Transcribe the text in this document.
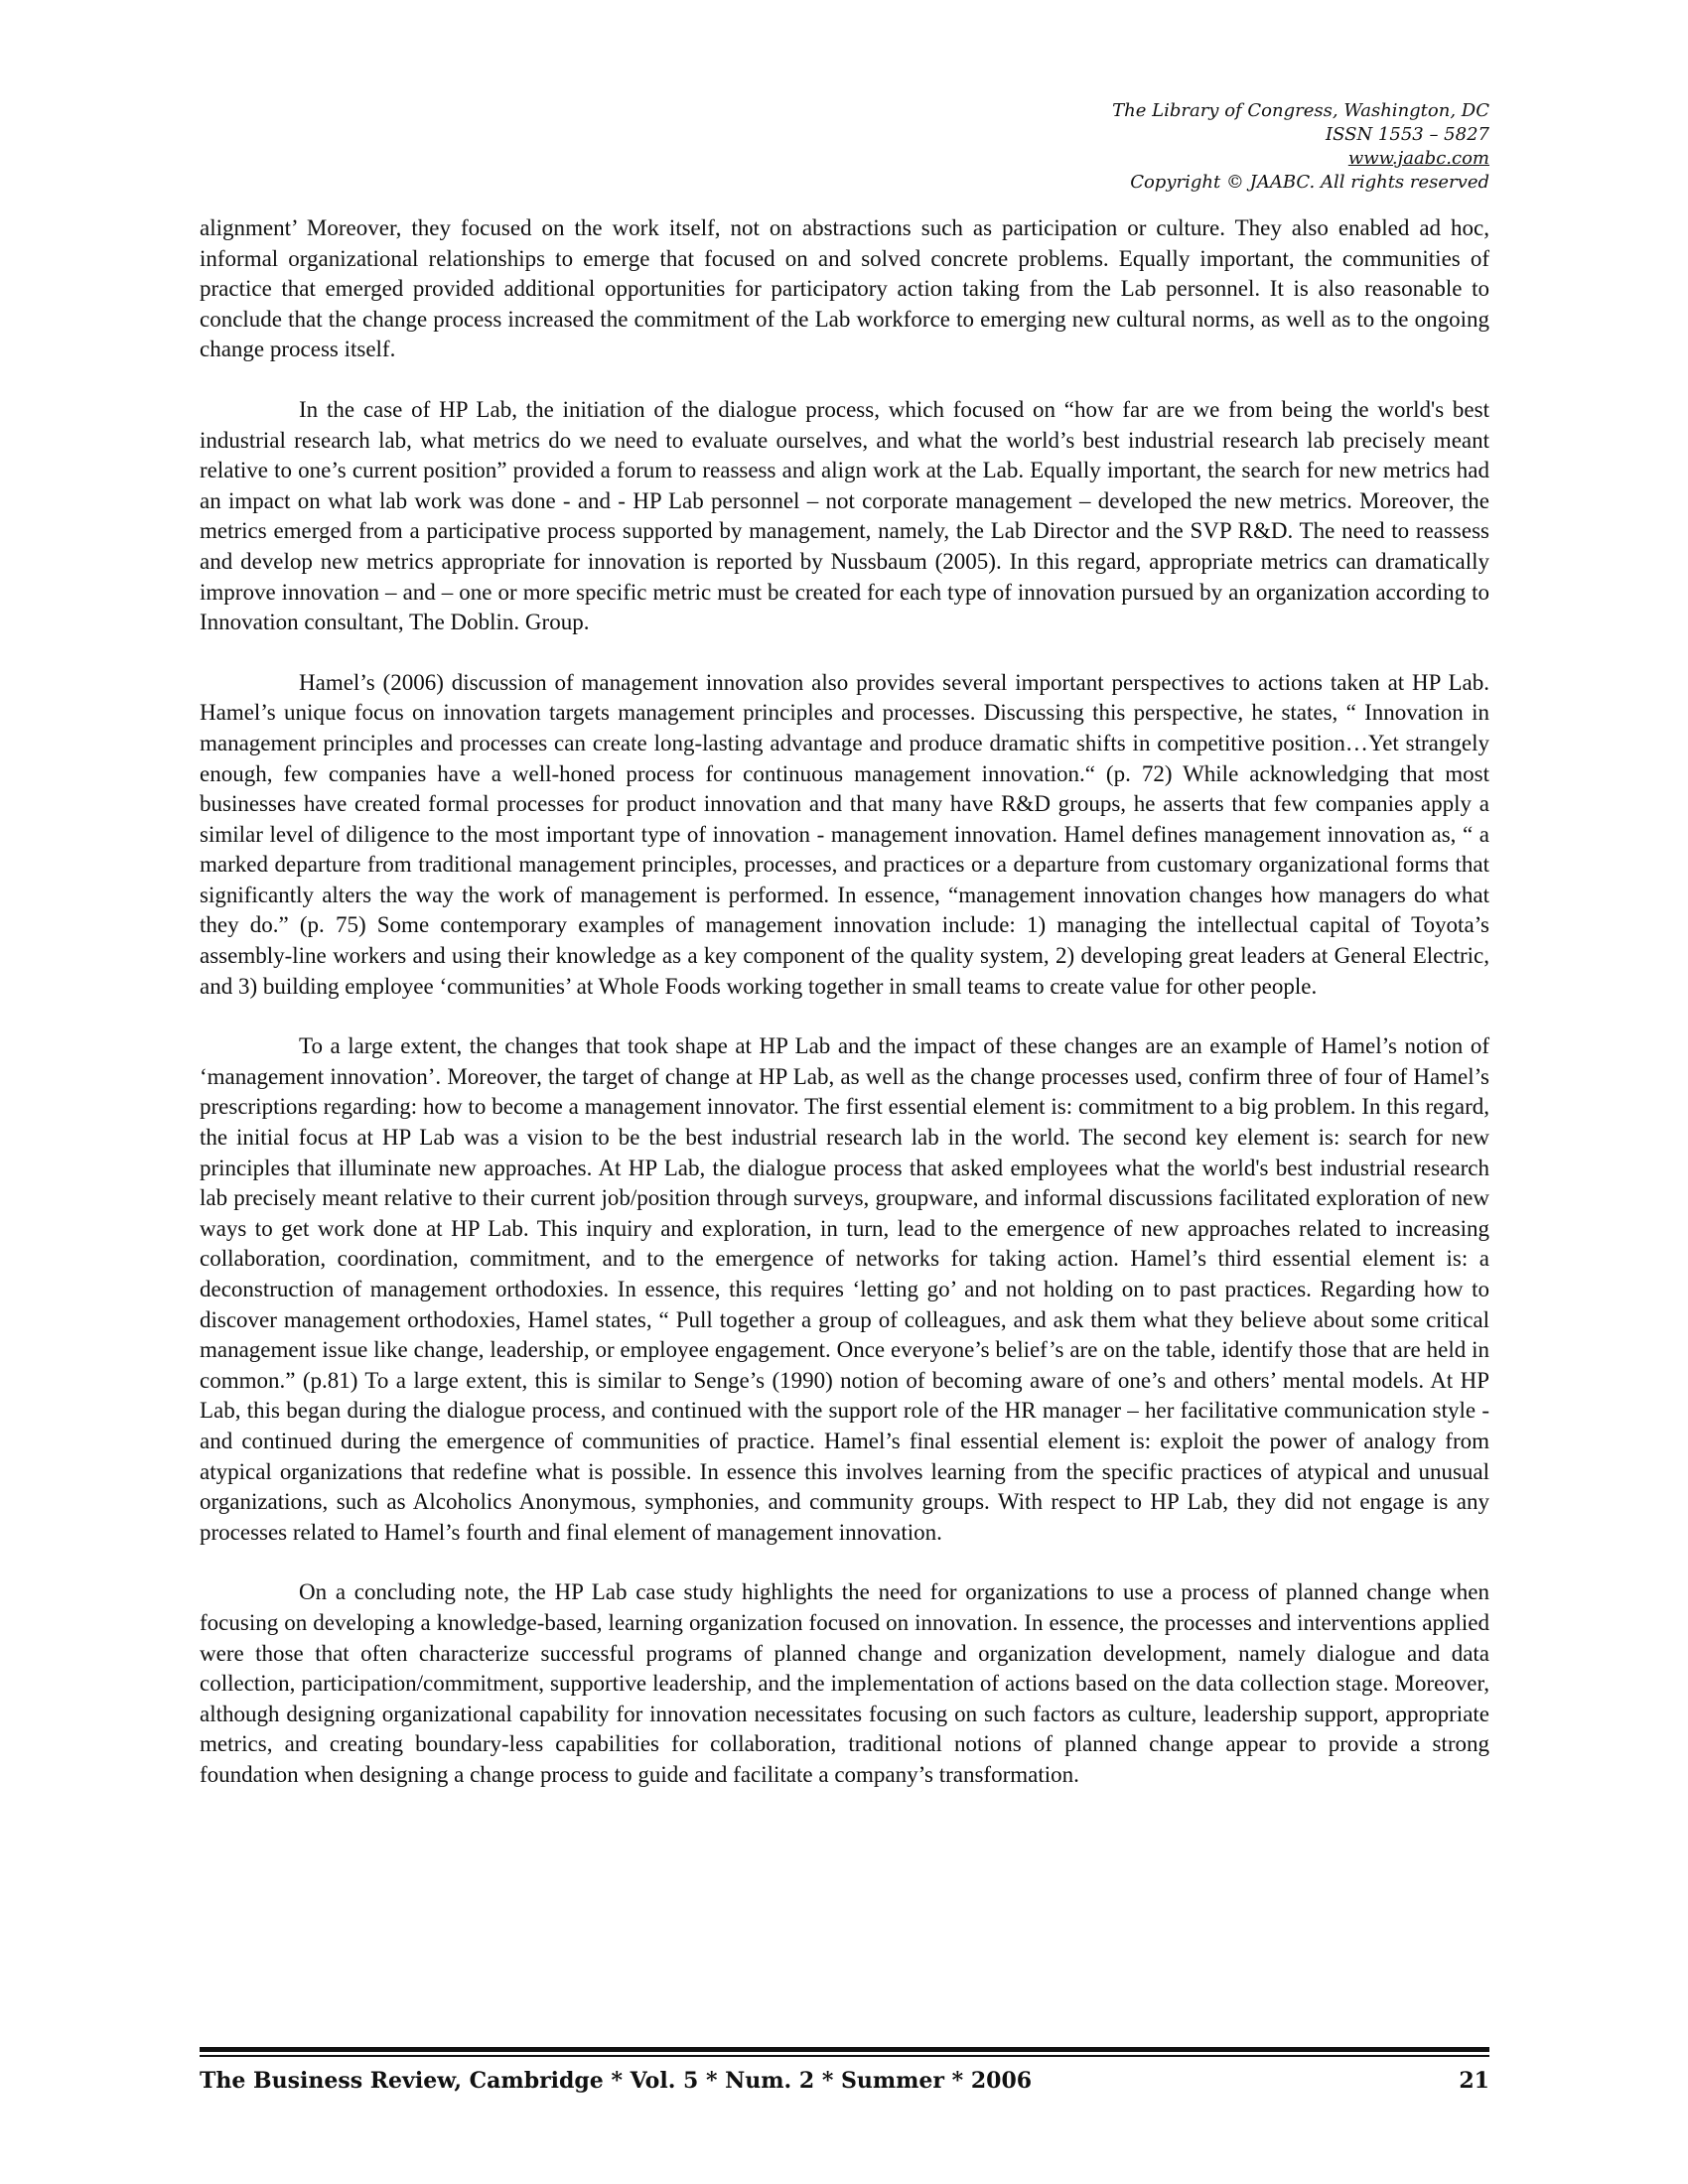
The Library of Congress, Washington, DC
ISSN 1553 – 5827
www.jaabc.com
Copyright © JAABC. All rights reserved

alignment’ Moreover, they focused on the work itself, not on abstractions such as participation or culture. They also enabled ad hoc, informal organizational relationships to emerge that focused on and solved concrete problems. Equally important, the communities of practice that emerged provided additional opportunities for participatory action taking from the Lab personnel. It is also reasonable to conclude that the change process increased the commitment of the Lab workforce to emerging new cultural norms, as well as to the ongoing change process itself.

In the case of HP Lab, the initiation of the dialogue process, which focused on “how far are we from being the world's best industrial research lab, what metrics do we need to evaluate ourselves, and what the world’s best industrial research lab precisely meant relative to one’s current position” provided a forum to reassess and align work at the Lab. Equally important, the search for new metrics had an impact on what lab work was done - and - HP Lab personnel – not corporate management – developed the new metrics. Moreover, the metrics emerged from a participative process supported by management, namely, the Lab Director and the SVP R&D. The need to reassess and develop new metrics appropriate for innovation is reported by Nussbaum (2005). In this regard, appropriate metrics can dramatically improve innovation – and – one or more specific metric must be created for each type of innovation pursued by an organization according to Innovation consultant, The Doblin. Group.

Hamel’s (2006) discussion of management innovation also provides several important perspectives to actions taken at HP Lab. Hamel’s unique focus on innovation targets management principles and processes. Discussing this perspective, he states, “ Innovation in management principles and processes can create long-lasting advantage and produce dramatic shifts in competitive position…Yet strangely enough, few companies have a well-honed process for continuous management innovation.“ (p. 72) While acknowledging that most businesses have created formal processes for product innovation and that many have R&D groups, he asserts that few companies apply a similar level of diligence to the most important type of innovation - management innovation. Hamel defines management innovation as, “ a marked departure from traditional management principles, processes, and practices or a departure from customary organizational forms that significantly alters the way the work of management is performed. In essence, “management innovation changes how managers do what they do.” (p. 75) Some contemporary examples of management innovation include: 1) managing the intellectual capital of Toyota’s assembly-line workers and using their knowledge as a key component of the quality system, 2) developing great leaders at General Electric, and 3) building employee ‘communities’ at Whole Foods working together in small teams to create value for other people.

To a large extent, the changes that took shape at HP Lab and the impact of these changes are an example of Hamel’s notion of ‘management innovation’. Moreover, the target of change at HP Lab, as well as the change processes used, confirm three of four of Hamel’s prescriptions regarding: how to become a management innovator. The first essential element is: commitment to a big problem. In this regard, the initial focus at HP Lab was a vision to be the best industrial research lab in the world. The second key element is: search for new principles that illuminate new approaches. At HP Lab, the dialogue process that asked employees what the world's best industrial research lab precisely meant relative to their current job/position through surveys, groupware, and informal discussions facilitated exploration of new ways to get work done at HP Lab. This inquiry and exploration, in turn, lead to the emergence of new approaches related to increasing collaboration, coordination, commitment, and to the emergence of networks for taking action. Hamel’s third essential element is: a deconstruction of management orthodoxies. In essence, this requires ‘letting go’ and not holding on to past practices. Regarding how to discover management orthodoxies, Hamel states, “ Pull together a group of colleagues, and ask them what they believe about some critical management issue like change, leadership, or employee engagement. Once everyone’s belief’s are on the table, identify those that are held in common.” (p.81) To a large extent, this is similar to Senge’s (1990) notion of becoming aware of one’s and others’ mental models. At HP Lab, this began during the dialogue process, and continued with the support role of the HR manager – her facilitative communication style - and continued during the emergence of communities of practice. Hamel’s final essential element is: exploit the power of analogy from atypical organizations that redefine what is possible. In essence this involves learning from the specific practices of atypical and unusual organizations, such as Alcoholics Anonymous, symphonies, and community groups. With respect to HP Lab, they did not engage is any processes related to Hamel’s fourth and final element of management innovation.

On a concluding note, the HP Lab case study highlights the need for organizations to use a process of planned change when focusing on developing a knowledge-based, learning organization focused on innovation. In essence, the processes and interventions applied were those that often characterize successful programs of planned change and organization development, namely dialogue and data collection, participation/commitment, supportive leadership, and the implementation of actions based on the data collection stage. Moreover, although designing organizational capability for innovation necessitates focusing on such factors as culture, leadership support, appropriate metrics, and creating boundary-less capabilities for collaboration, traditional notions of planned change appear to provide a strong foundation when designing a change process to guide and facilitate a company’s transformation.

The Business Review, Cambridge * Vol. 5 * Num. 2 * Summer * 2006	21
